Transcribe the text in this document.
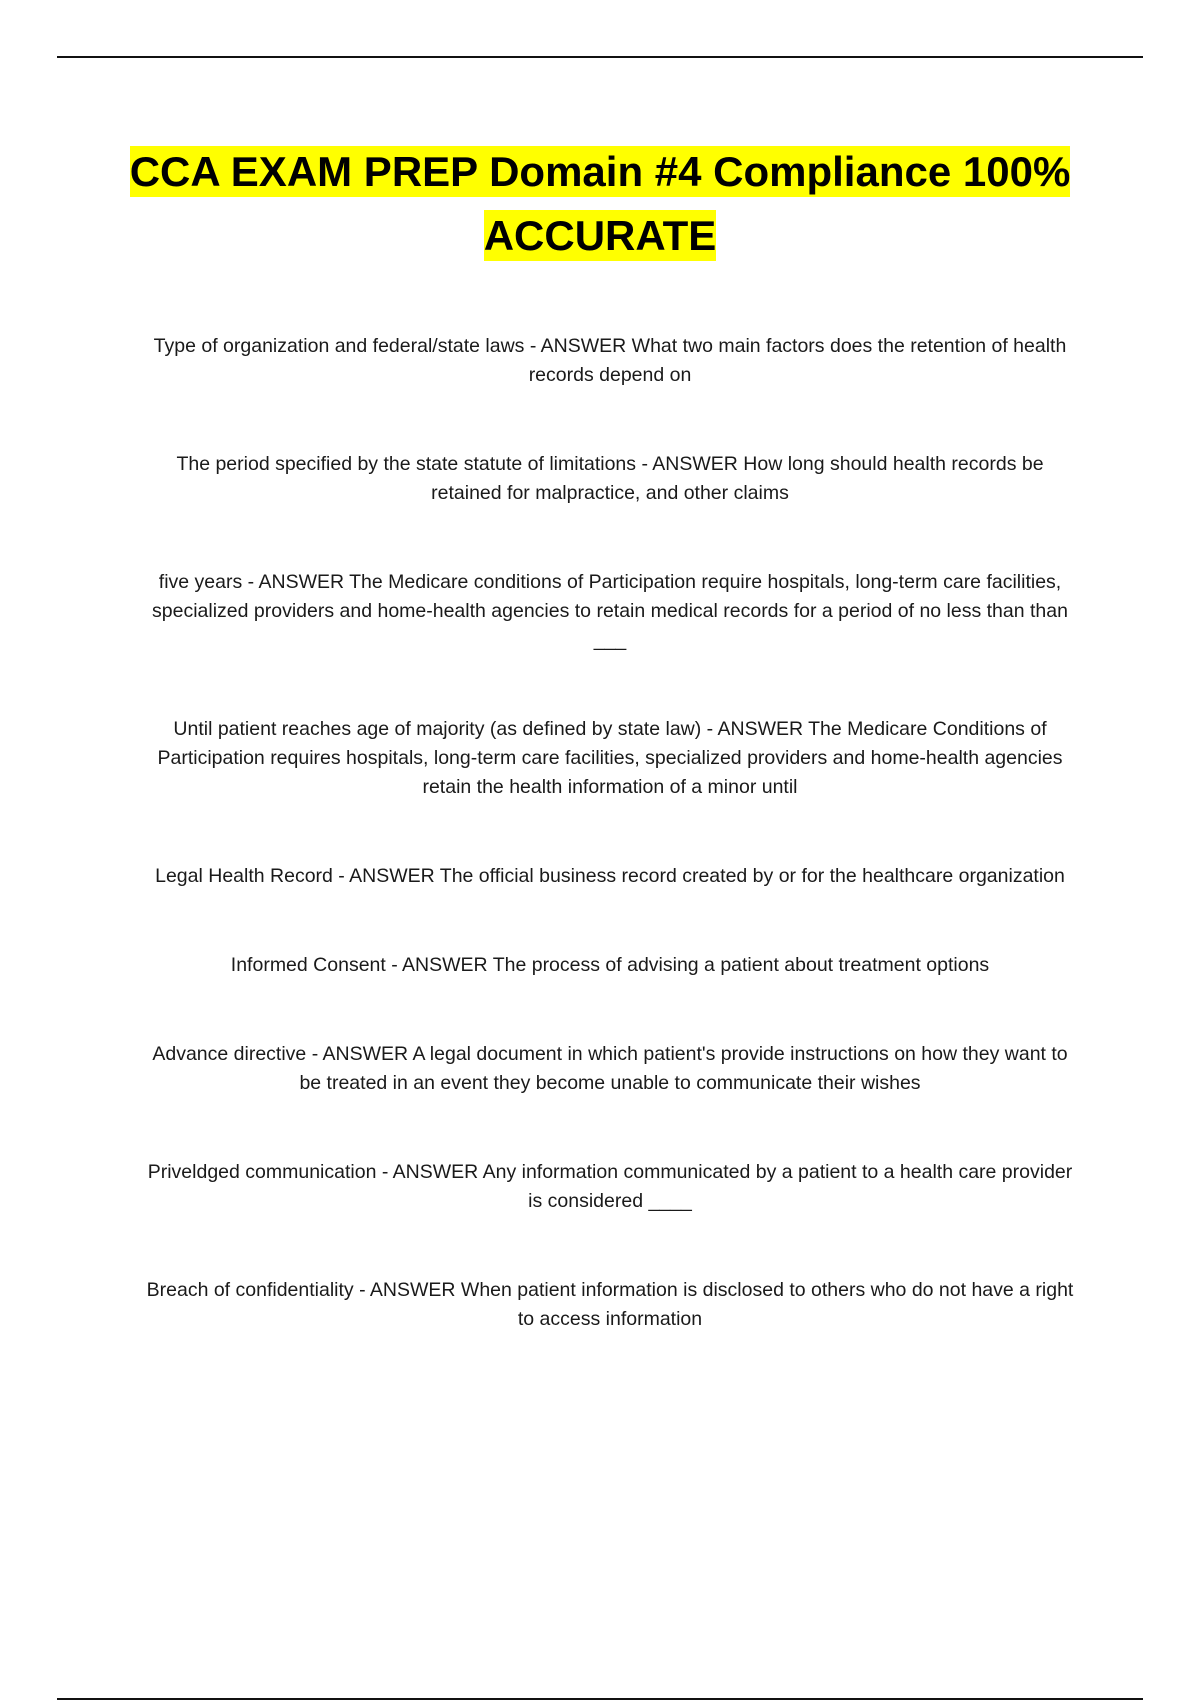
CCA EXAM PREP Domain #4 Compliance 100%
ACCURATE

Type of organization and federal/state laws - ANSWER What two main factors does the retention of health records depend on

The period specified by the state statute of limitations - ANSWER How long should health records be retained for malpractice, and other claims

five years - ANSWER The Medicare conditions of Participation require hospitals, long-term care facilities, specialized providers and home-health agencies to retain medical records for a period of no less than than ___

Until patient reaches age of majority (as defined by state law) - ANSWER The Medicare Conditions of Participation requires hospitals, long-term care facilities, specialized providers and home-health agencies retain the health information of a minor until

Legal Health Record - ANSWER The official business record created by or for the healthcare organization

Informed Consent - ANSWER The process of advising a patient about treatment options

Advance directive - ANSWER A legal document in which patient's provide instructions on how they want to be treated in an event they become unable to communicate their wishes

Priveldged communication - ANSWER Any information communicated by a patient to a health care provider is considered ____

Breach of confidentiality - ANSWER When patient information is disclosed to others who do not have a right to access information
